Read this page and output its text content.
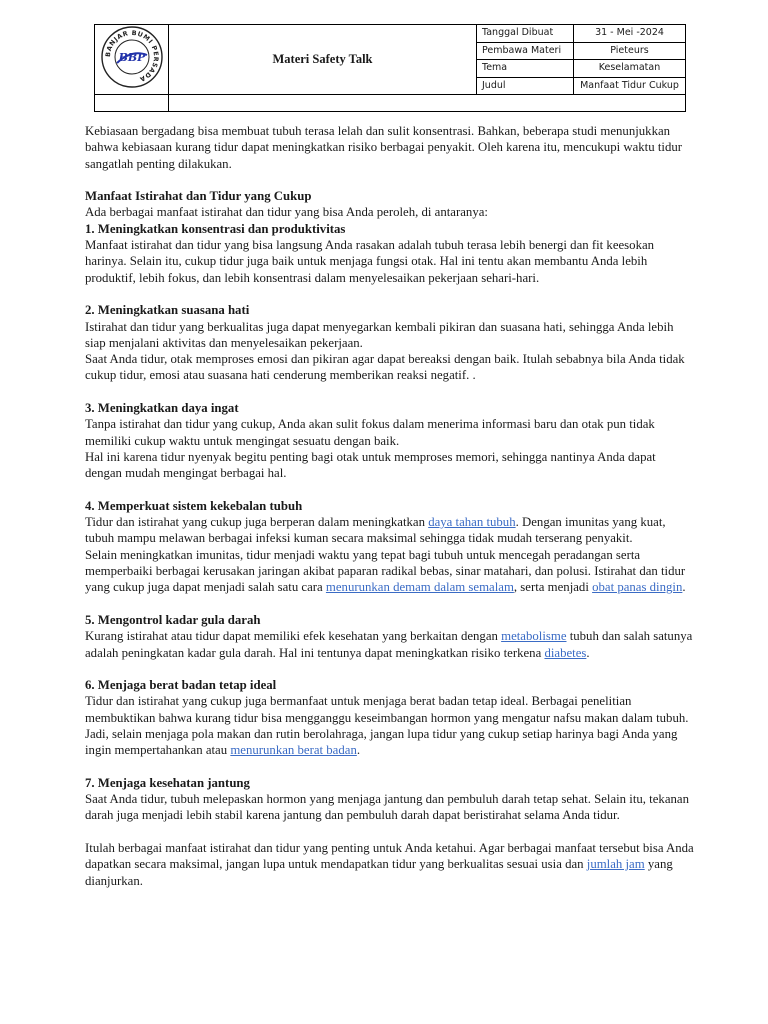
BANJAR BUMI PERSADA
BBP	Materi Safety Talk	Tanggal Dibuat	31 - Mei -2024
		Pembawa Materi	Pieteurs
		Tema	Keselamatan
		Judul	Manfaat Tidur Cukup

Kebiasaan bergadang bisa membuat tubuh terasa lelah dan sulit konsentrasi. Bahkan, beberapa studi menunjukkan bahwa kebiasaan kurang tidur dapat meningkatkan risiko berbagai penyakit. Oleh karena itu, mencukupi waktu tidur sangatlah penting dilakukan.

Manfaat Istirahat dan Tidur yang Cukup

Ada berbagai manfaat istirahat dan tidur yang bisa Anda peroleh, di antaranya:

1. Meningkatkan konsentrasi dan produktivitas

Manfaat istirahat dan tidur yang bisa langsung Anda rasakan adalah tubuh terasa lebih benergi dan fit keesokan harinya. Selain itu, cukup tidur juga baik untuk menjaga fungsi otak. Hal ini tentu akan membantu Anda lebih produktif, lebih fokus, dan lebih konsentrasi dalam menyelesaikan pekerjaan sehari-hari.

2. Meningkatkan suasana hati

Istirahat dan tidur yang berkualitas juga dapat menyegarkan kembali pikiran dan suasana hati, sehingga Anda lebih siap menjalani aktivitas dan menyelesaikan pekerjaan.

Saat Anda tidur, otak memproses emosi dan pikiran agar dapat bereaksi dengan baik. Itulah sebabnya bila Anda tidak cukup tidur, emosi atau suasana hati cenderung memberikan reaksi negatif. .

3. Meningkatkan daya ingat

Tanpa istirahat dan tidur yang cukup, Anda akan sulit fokus dalam menerima informasi baru dan otak pun tidak memiliki cukup waktu untuk mengingat sesuatu dengan baik.

Hal ini karena tidur nyenyak begitu penting bagi otak untuk memproses memori, sehingga nantinya Anda dapat dengan mudah mengingat berbagai hal.

4. Memperkuat sistem kekebalan tubuh

Tidur dan istirahat yang cukup juga berperan dalam meningkatkan daya tahan tubuh. Dengan imunitas yang kuat, tubuh mampu melawan berbagai infeksi kuman secara maksimal sehingga tidak mudah terserang penyakit.

Selain meningkatkan imunitas, tidur menjadi waktu yang tepat bagi tubuh untuk mencegah peradangan serta memperbaiki berbagai kerusakan jaringan akibat paparan radikal bebas, sinar matahari, dan polusi. Istirahat dan tidur yang cukup juga dapat menjadi salah satu cara menurunkan demam dalam semalam, serta menjadi obat panas dingin.

5. Mengontrol kadar gula darah

Kurang istirahat atau tidur dapat memiliki efek kesehatan yang berkaitan dengan metabolisme tubuh dan salah satunya adalah peningkatan kadar gula darah. Hal ini tentunya dapat meningkatkan risiko terkena diabetes.

6. Menjaga berat badan tetap ideal

Tidur dan istirahat yang cukup juga bermanfaat untuk menjaga berat badan tetap ideal. Berbagai penelitian membuktikan bahwa kurang tidur bisa mengganggu keseimbangan hormon yang mengatur nafsu makan dalam tubuh.

Jadi, selain menjaga pola makan dan rutin berolahraga, jangan lupa tidur yang cukup setiap harinya bagi Anda yang ingin mempertahankan atau menurunkan berat badan.

7. Menjaga kesehatan jantung

Saat Anda tidur, tubuh melepaskan hormon yang menjaga jantung dan pembuluh darah tetap sehat. Selain itu, tekanan darah juga menjadi lebih stabil karena jantung dan pembuluh darah dapat beristirahat selama Anda tidur.

Itulah berbagai manfaat istirahat dan tidur yang penting untuk Anda ketahui. Agar berbagai manfaat tersebut bisa Anda dapatkan secara maksimal, jangan lupa untuk mendapatkan tidur yang berkualitas sesuai usia dan jumlah jam yang dianjurkan.
